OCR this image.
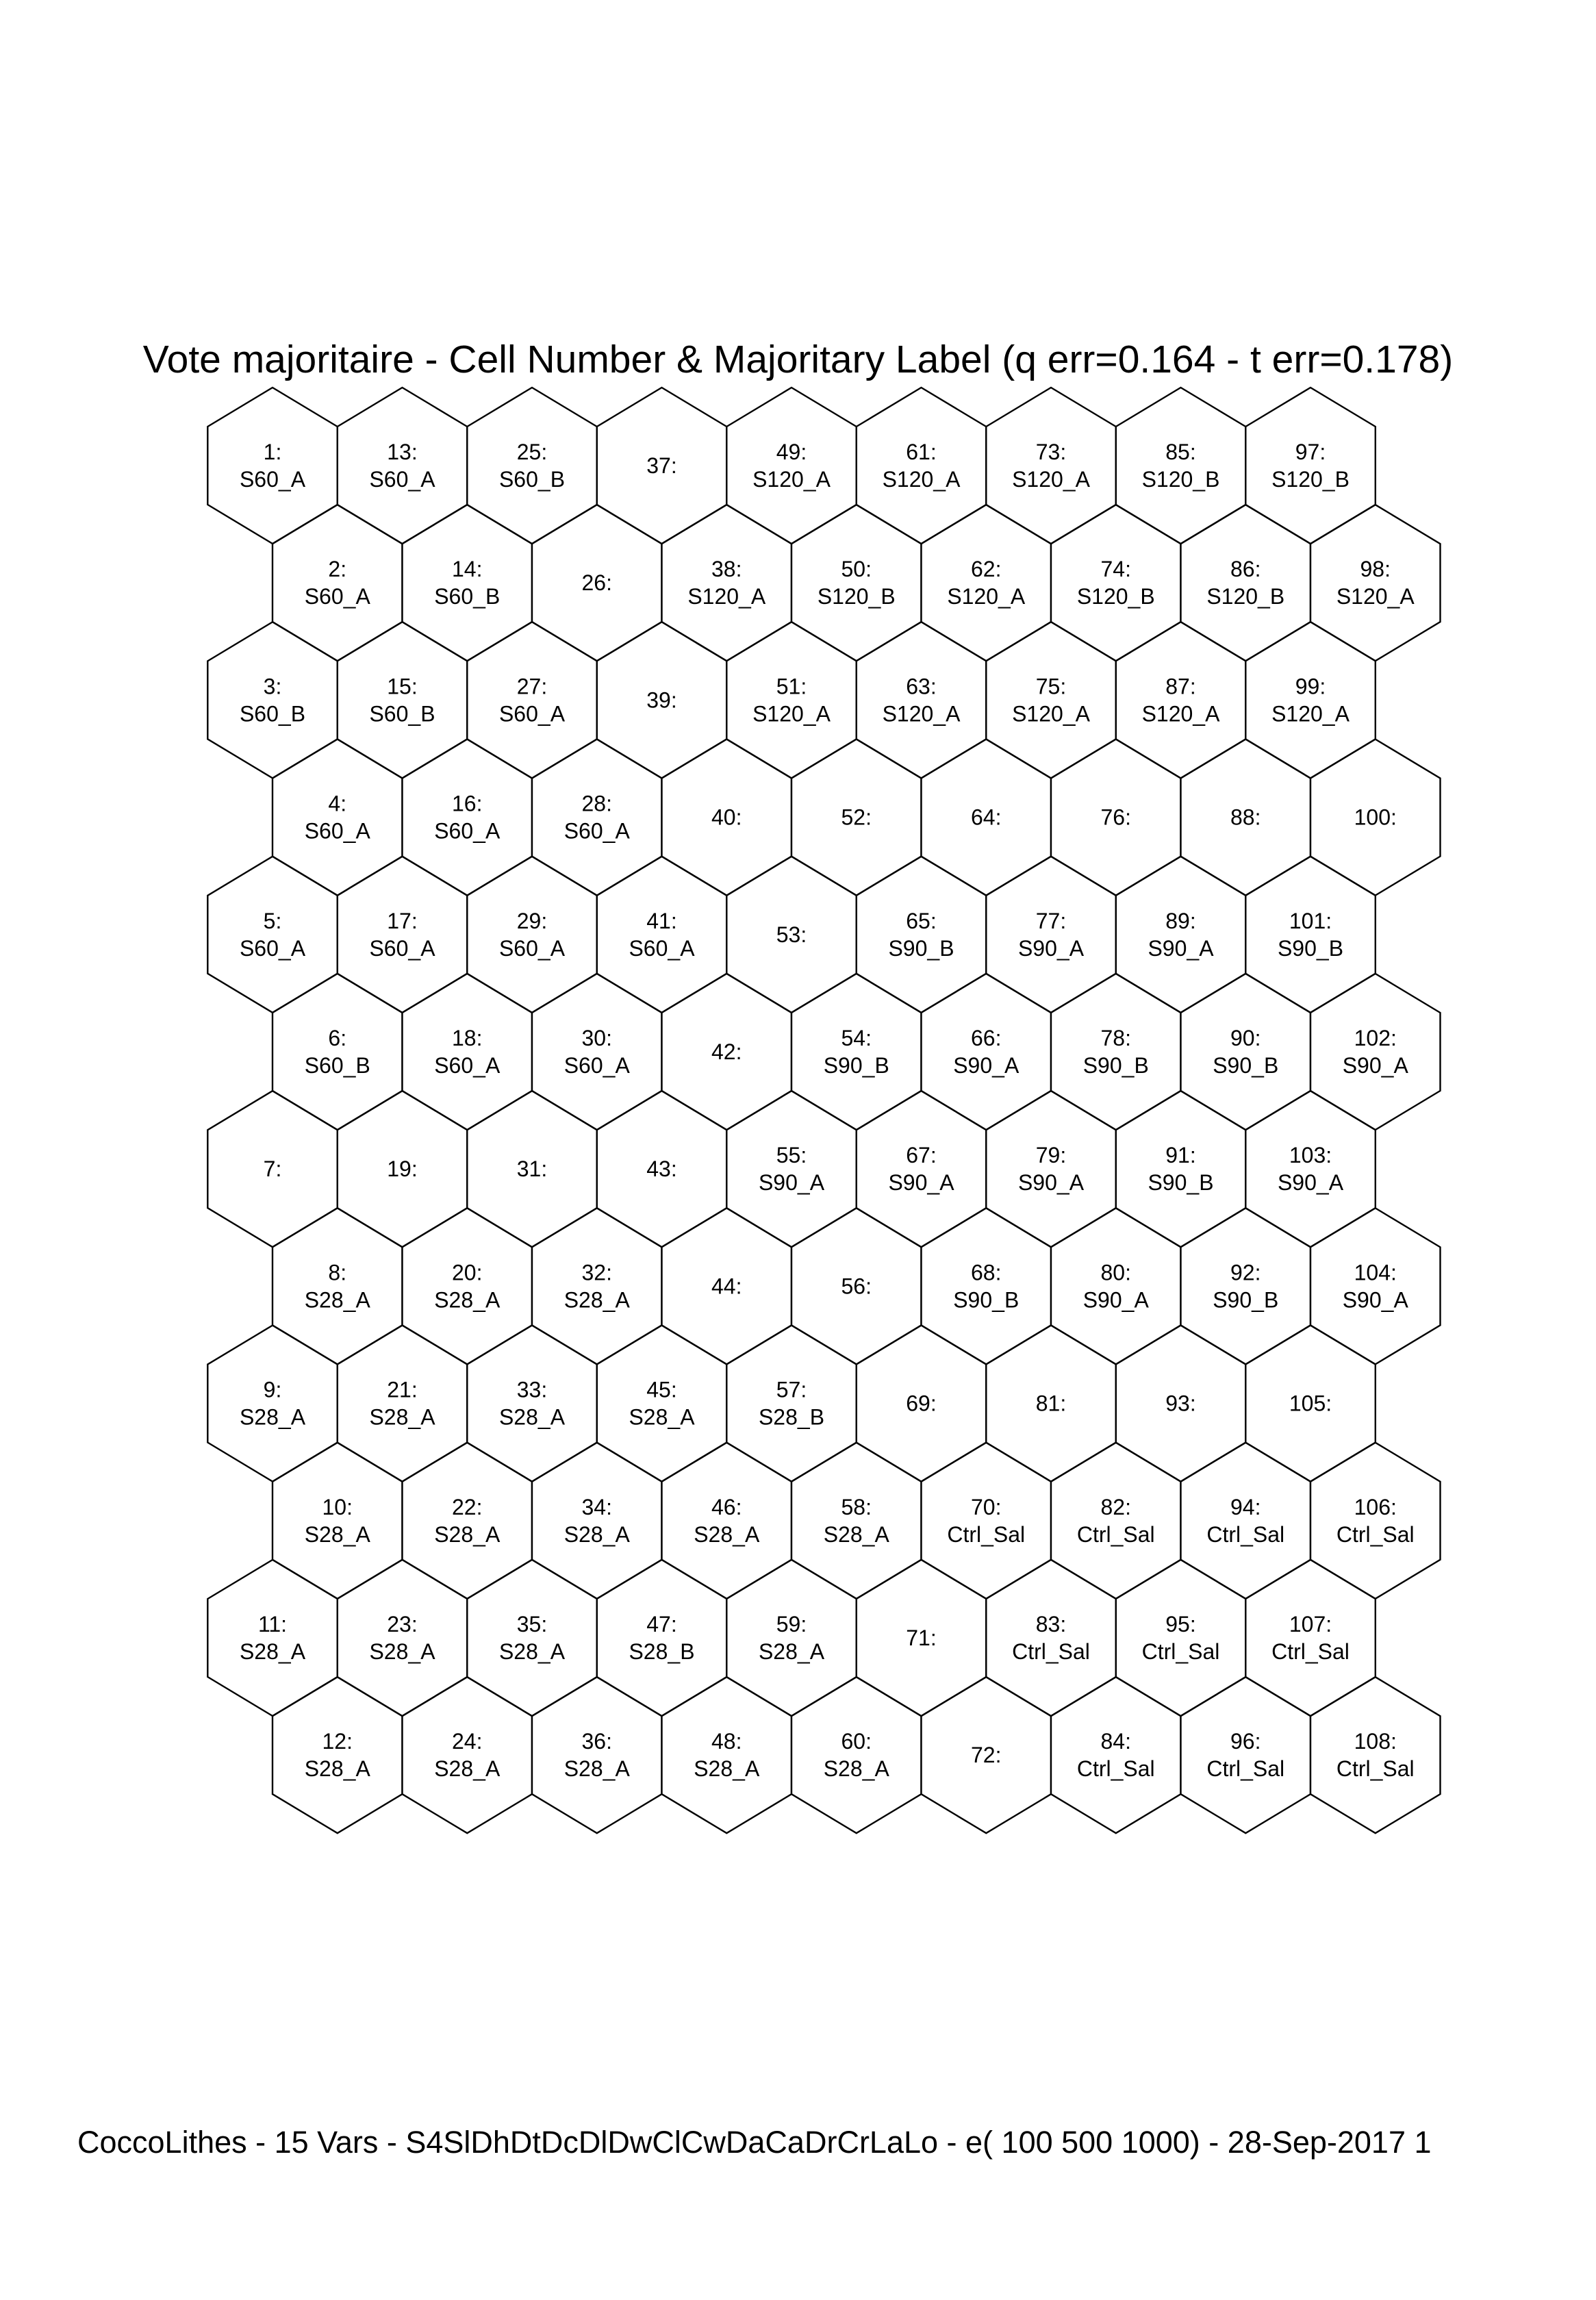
Vote majoritaire - Cell Number & Majoritary Label (q err=0.164 - t err=0.178)
1:
S60_A
2:
S60_A
3:
S60_B
4:
S60_A
5:
S60_A
6:
S60_B
7:
8:
S28_A
9:
S28_A
10:
S28_A
11:
S28_A
12:
S28_A
13:
S60_A
14:
S60_B
15:
S60_B
16:
S60_A
17:
S60_A
18:
S60_A
19:
20:
S28_A
21:
S28_A
22:
S28_A
23:
S28_A
24:
S28_A
25:
S60_B
26:
27:
S60_A
28:
S60_A
29:
S60_A
30:
S60_A
31:
32:
S28_A
33:
S28_A
34:
S28_A
35:
S28_A
36:
S28_A
37:
38:
S120_A
39:
40:
41:
S60_A
42:
43:
44:
45:
S28_A
46:
S28_A
47:
S28_B
48:
S28_A
49:
S120_A
50:
S120_B
51:
S120_A
52:
53:
54:
S90_B
55:
S90_A
56:
57:
S28_B
58:
S28_A
59:
S28_A
60:
S28_A
61:
S120_A
62:
S120_A
63:
S120_A
64:
65:
S90_B
66:
S90_A
67:
S90_A
68:
S90_B
69:
70:
Ctrl_Sal
71:
72:
73:
S120_A
74:
S120_B
75:
S120_A
76:
77:
S90_A
78:
S90_B
79:
S90_A
80:
S90_A
81:
82:
Ctrl_Sal
83:
Ctrl_Sal
84:
Ctrl_Sal
85:
S120_B
86:
S120_B
87:
S120_A
88:
89:
S90_A
90:
S90_B
91:
S90_B
92:
S90_B
93:
94:
Ctrl_Sal
95:
Ctrl_Sal
96:
Ctrl_Sal
97:
S120_B
98:
S120_A
99:
S120_A
100:
101:
S90_B
102:
S90_A
103:
S90_A
104:
S90_A
105:
106:
Ctrl_Sal
107:
Ctrl_Sal
108:
Ctrl_Sal
CoccoLithes - 15 Vars - S4SlDhDtDcDlDwClCwDaCaDrCrLaLo - e( 100 500 1000) - 28-Sep-2017 1
